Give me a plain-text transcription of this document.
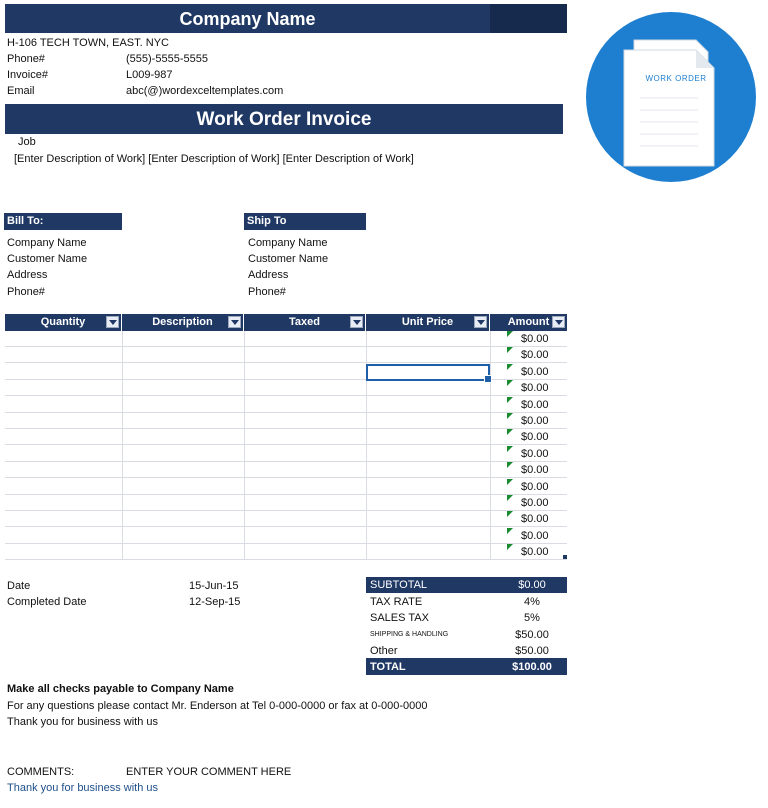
Company Name
H-106 TECH TOWN, EAST. NYC
Phone#	(555)-5555-5555
Invoice#	L009-987
Email	abc(@)wordexceltemplates.com
Work Order Invoice
Job
[Enter Description of Work] [Enter Description of Work] [Enter Description of Work]
WORK ORDER
Bill To:
Company Name
Customer Name
Address
Phone#
Ship To
Company Name
Customer Name
Address
Phone#
Quantity	Description	Taxed	Unit Price	Amount
$0.00
$0.00
$0.00
$0.00
$0.00
$0.00
$0.00
$0.00
$0.00
$0.00
$0.00
$0.00
$0.00
$0.00
Date	15-Jun-15
Completed Date	12-Sep-15
SUBTOTAL	$0.00
TAX RATE	4%
SALES TAX	5%
SHIPPING & HANDLING	$50.00
Other	$50.00
TOTAL	$100.00
Make all checks payable to Company Name
For any questions please contact Mr. Enderson at Tel 0-000-0000 or fax at 0-000-0000
Thank you for business with us
COMMENTS:	ENTER YOUR COMMENT HERE
Thank you for business with us
